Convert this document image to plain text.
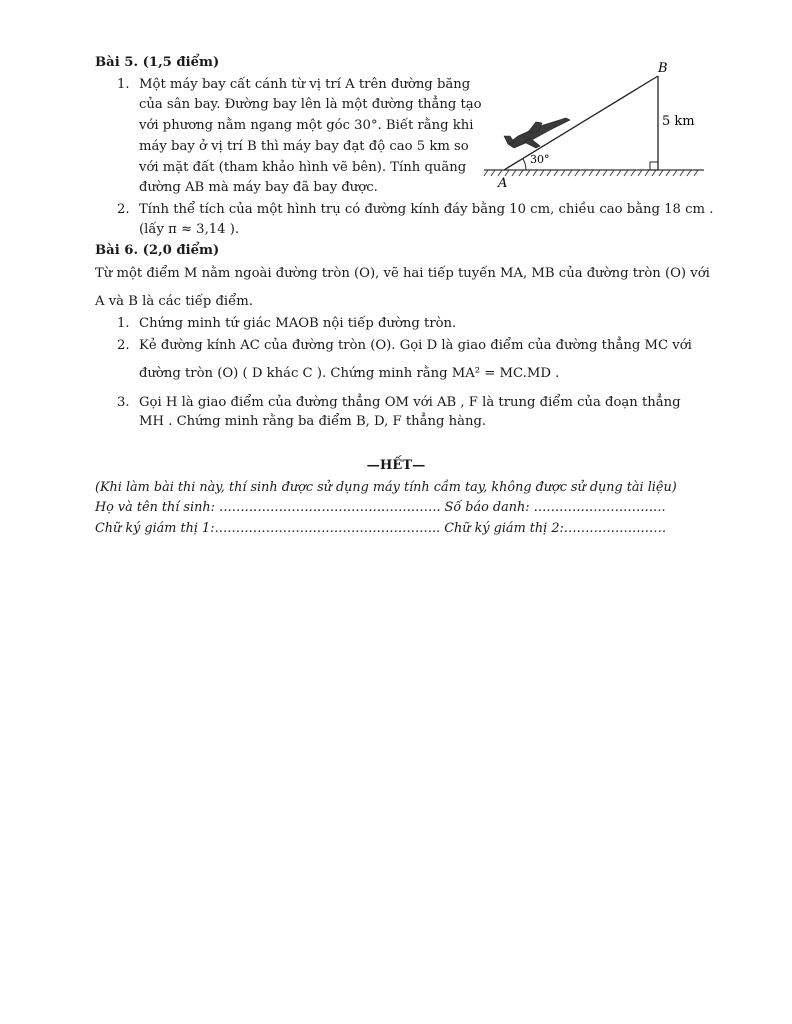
Bài 5. (1,5 điểm)
1. Một máy bay cất cánh từ vị trí A trên đường băng
của sân bay. Đường bay lên là một đường thẳng tạo
với phương nằm ngang một góc 30°. Biết rằng khi
máy bay ở vị trí B thì máy bay đạt độ cao 5 km so
với mặt đất (tham khảo hình vẽ bên). Tính quãng
đường AB mà máy bay đã bay được.
B
A
5 km
30°
2. Tính thể tích của một hình trụ có đường kính đáy bằng 10 cm, chiều cao bằng 18 cm .
(lấy π ≈ 3,14 ).
Bài 6. (2,0 điểm)
Từ một điểm M nằm ngoài đường tròn (O), vẽ hai tiếp tuyến MA, MB của đường tròn (O) với
A và B là các tiếp điểm.
1. Chứng minh tứ giác MAOB nội tiếp đường tròn.
2. Kẻ đường kính AC của đường tròn (O). Gọi D là giao điểm của đường thẳng MC với
đường tròn (O) ( D khác C ). Chứng minh rằng MA² = MC.MD .
3. Gọi H là giao điểm của đường thẳng OM với AB , F là trung điểm của đoạn thẳng
MH . Chứng minh rằng ba điểm B, D, F thẳng hàng.
—HẾT—
(Khi làm bài thi này, thí sinh được sử dụng máy tính cầm tay, không được sử dụng tài liệu)
Họ và tên thí sinh: ……………………………………………. Số báo danh: ………………………….
Chữ ký giám thị 1:…………………………………………….. Chữ ký giám thị 2:……………………
